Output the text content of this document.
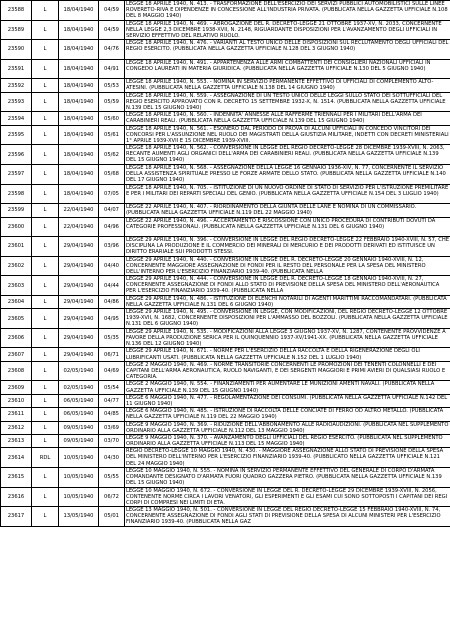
23588	L	18/04/1940	04/59	LEGGE 18 APRILE 1940, N. 413. - TRASFORMAZIONE DELL'ESERCIZIO DEI SERVIZI PUBBLICI AUTOMOBILISTICI SULLE LINEE ROVERETO-RIVA E DIPENDENZE IN CONCESSIONE ALL'INDUSTRIA PRIVATA. (PUBBLICATA NELLA GAZZETTA UFFICIALE N.108 DEL 8 MAGGIO 1940)
23589	L	18/04/1940	04/59	LEGGE 18 APRILE 1940, N. 469. - ABROGAZIONE DEL R. DECRETO-LEGGE 21 OTTOBRE 1937-XV, N. 2033, CONCERNENTE NELLA LEGGE 2,3 DICEMBRE 1938-XVII, N. 2148, RIGUARDANTE DISPOSIZIONI PER L'AVANZAMENTO DEGLI UFFICIALI IN SERVIZIO EFFETTIVO DEL RELATIVO RUOLO.
23590	L	18/04/1940	04/76	LEGGE 18 APRILE 1940, N. 476. - VARIANTI AL TESTO UNICO DELLE DISPOSIZIONI SUL RECLUTAMENTO DEGLI UFFICIALI DEL REGIO ESERCITO. (PUBBLICATA NELLA GAZZETTA UFFICIALE N.128 DEL 3 GIUGNO 1940)
23591	L	18/04/1940	04/91	LEGGE 18 APRILE 1940, N. 491. - APPARTENENZA ALLE ARMI COMBATTENTI DEI CONSIGLIERI NAZIONALI UFFICIALI IN CONGEDO LAUREATI IN MATERIA GIURIDICA. (PUBBLICATA NELLA GAZZETTA UFFICIALE N.130 DEL 5 GIUGNO 1940)
23592	L	18/04/1940	05/53	LEGGE 18 APRILE 1940, N. 553. - NOMINA IN SERVIZIO PERMANENTE EFFETTIVO DI UFFICIALI DI COMPLEMENTO ALTO-ATESINI. (PUBBLICATA NELLA GAZZETTA UFFICIALE N.138 DEL 14 GIUGNO 1940)
23593	L	18/04/1940	05/59	LEGGE 18 APRILE 1940, N. 559. - ASSEGNAZIONE DI UN TESTO UNICO DELLE LEGGI SULLO STATO DEI SOTTUFFICIALI DEL REGIO ESERCITO APPROVATO CON R. DECRETO 15 SETTEMBRE 1932-X, N. 1514. (PUBBLICATA NELLA GAZZETTA UFFICIALE N.139 DEL 15 GIUGNO 1940)
23594	L	18/04/1940	05/60	LEGGE 18 APRILE 1940, N. 560. - INDENNITA' ANNESSE ALLE RAFFERME TRIENNALI PER I MILITARI DELL'ARMA DEI CARABINIERI REALI. (PUBBLICATA NELLA GAZZETTA UFFICIALE N.139 DEL 15 GIUGNO 1940)
23595	L	18/04/1940	05/61	LEGGE 18 APRILE 1940, N. 561. - ESONERO DAL PERIODO DI PROVA DI ALCUNI UFFICIALI IN CONCEDO VINCITORI DEI CONCORSI PER L'ASSUNZIONE NEL RUOLO DEI MAGISTRATI DELLA GIUSTIZIA MILITARE, INDETTI CON DECRETI MINISTERIALI 1° APRILE 1939-XVII E 15 DICEMBRE 1939-XVIII.
23596	L	18/04/1940	05/62	LEGGE 18 APRILE 1940, N. 562. - CONVERSIONE IN LEGGE DEL REGIO DECRETO-LEGGE 28 DICEMBRE 1939-XVIII, N. 2063, RECANTE AUMENTI AGLI ORGANICI DELL'ARMA DEI CARABINIERI REALI. (PUBBLICATA NELLA GAZZETTA UFFICIALE N.139 DEL 15 GIUGNO 1940)
23597	L	18/04/1940	05/68	LEGGE 18 APRILE 1940, N. 568. - ASSEGNAZIONE DELLA LEGGE 16 GENNAIO 1936-XIV, N. 77, CONCERNENTE IL SERVIZIO DELLA ASSISTENZA SPIRITUALE PRESSO LE FORZE ARMATE DELLO STATO. (PUBBLICATA NELLA GAZZETTA UFFICIALE N.140 DEL 17 GIUGNO 1940)
23598	L	18/04/1940	07/05	LEGGE 18 APRILE 1940, N. 705. - ISTITUZIONE DI UN NUOVO ORDINE DI STATO DI SERVIZIO PER L'ISTRUZIONE PREMILITARE E PER I MILITARI DEI REPARTI SPECIALI DEL GENIO. (PUBBLICATA NELLA GAZZETTA UFFICIALE N.154 DEL 3 LUGLIO 1940)
23599	L	22/04/1940	04/07	LEGGE 22 APRILE 1940, N. 407. - RIORDINAMENTO DELLA GIUNTA DELLE LANE E NOMINA DI UN COMMISSARIO. (PUBBLICATA NELLA GAZZETTA UFFICIALE N.119 DEL 22 MAGGIO 1940)
23600	L	22/04/1940	04/96	LEGGE 22 APRILE 1940, N. 496. - ACCERTAMENTO E RISCOSSIONE CON UNICO PROCEDURA DI CONTRIBUTI DOVUTI DA CATEGORIE PROFESSIONALI. (PUBBLICATA NELLA GAZZETTA UFFICIALE N.131 DEL 6 GIUGNO 1940)
23601	L	29/04/1940	03/96	LEGGE 29 APRILE 1940, N. 396. - CONVERSIONE IN LEGGE DEL REGIO DECRETO-LEGGE 22 FEBBRAIO 1940-XVIII, N. 57, CHE DISCIPLINA LA PRODUZIONE E IL COMMERCIO DEI MINERALI DI MERCURIO E DEI PRODOTTI DERIVATI ED ISTITUISCE UN DIRITTO ERARIALE SUI PRODOTTI STESSI.
23602	L	29/04/1940	04/40	LEGGE 29 APRILE 1940, N. 440. - CONVERSIONE IN LEGGE DEL R. DECRETO-LEGGE 20 GENNAIO 1940-XVIII, N. 12, CONCERNENTE MAGGIORE ASSEGNAZIONE DI FONDI PER IL RESTO DEL PERSONALE PER LA SPESA DEL MINISTERO DELL'INTERNO PER L'ESERCIZIO FINANZIARIO 1939-40. (PUBBLICATA NELLA
23603	L	29/04/1940	04/44	LEGGE 29 APRILE 1940, N. 444. - CONVERSIONE IN LEGGE DEL R. DECRETO-LEGGE 18 GENNAIO 1940-XVIII, N. 27, CONCERNENTE ASSEGNAZIONE DI FONDI ALLO STATO DI PREVISIONE DELLA SPESA DEL MINISTERO DELL'AERONAUTICA PER L'ESERCIZIO FINANZIARIO 1939-40. (PUBBLICATA NELLA
23604	L	29/04/1940	04/86	LEGGE 29 APRILE 1940, N. 486. - ISTITUZIONE DI ELENCHI NOTARILI DI AGENTI MARITTIMI RACCOMANDATARI. (PUBBLICATA NELLA GAZZETTA UFFICIALE N.131 DEL 6 GIUGNO 1940)
23605	L	29/04/1940	04/95	LEGGE 29 APRILE 1940, N. 495. - CONVERSIONE IN LEGGE, CON MODIFICAZIONI, DEL REGIO DECRETO-LEGGE 12 OTTOBRE 1939-XVII, N. 1682, CONCERNENTE DISPOSIZIONI PER L'AMMASSO DEL BOZZOLI. (PUBBLICATA NELLA GAZZETTA UFFICIALE N.131 DEL 6 GIUGNO 1940)
23606	L	29/04/1940	05/35	LEGGE 29 APRILE 1940, N. 535. - MODIFICAZIONI ALLA LEGGE 3 GIUGNO 1937-XV, N. 1287, CONTENENTE PROVVIDENZE A FAVORE DELLA PRODUZIONE SERICA PER IL QUINQUENNIO 1937-XV/1941-XX. (PUBBLICATA NELLA GAZZETTA UFFICIALE N.136 DEL 12 GIUGNO 1940)
23607	L	29/04/1940	06/71	LEGGE 29 APRILE 1940, N. 671. - NORME PER L'ESERCIZIO DELLA RACCOLTA E DELLA RIGENERAZIONE DEGLI OLI LUBRIFICANTI USATI. (PUBBLICATA NELLA GAZZETTA UFFICIALE N.152 DEL 1 LUGLIO 1940)
23608	L	02/05/1940	04/69	LEGGE 2 MAGGIO 1940, N. 469. - NORME TRANSITORIE CONCERNENTI LE PROMOZIONI DEI TENENTI COLONNELLI E DEI CAPITANI DELL'ARMA AERONAUTICA, RUOLO NAVIGANTI, E DEI SERGENTI MAGGIORI E PRIMI AVIERI DI QUALSIASI RUOLO E CATEGORIA.
23609	L	02/05/1940	05/54	LEGGE 2 MAGGIO 1940, N. 554. - FINANZIAMENTI PER AUMENTARE LE MUNIZIONI AMENTI NAVALI. (PUBBLICATA NELLA GAZZETTA UFFICIALE N.139 DEL 15 GIUGNO 1940)
23610	L	06/05/1940	04/77	LEGGE 6 MAGGIO 1940, N. 477. - REGOLAMENTAZIONE DEI CONSUMI. (PUBBLICATA NELLA GAZZETTA UFFICIALE N.142 DEL 11 GIUGNO 1940)
23611	L	06/05/1940	04/85	LEGGE 6 MAGGIO 1940, N. 485. - ISTRUZIONE DI RACCOLTA DELLE CONCIATE DI FERRO OD ALTRO METALLO. (PUBBLICATA NELLA GAZZETTA UFFICIALE N.119 DEL 22 MAGGIO 1940)
23612	L	09/05/1940	03/69	LEGGE 9 MAGGIO 1940, N. 369. - RIDUZIONE DELL'ABBONAMENTO ALLE RADIOAUDIZIONI. (PUBBLICATA NEL SUPPLEMENTO ORDINARIO ALLA GAZZETTA UFFICIALE N.112 DEL 13 MAGGIO 1940)
23613	L	09/05/1940	03/70	LEGGE 9 MAGGIO 1940, N. 370. - AVANZAMENTO DEGLI UFFICIALI DEL REGIO ESERCITO. (PUBBLICATA NEL SUPPLEMENTO ORDINARIO ALLA GAZZETTA UFFICIALE N.113 DEL 15 MAGGIO 1940)
23614	RDL	10/05/1940	04/30	REGIO DECRETO-LEGGE 10 MAGGIO 1940, N. 430. - MAGGIORE ASSEGNAZIONE ALLO STATO DI PREVISIONE DELLA SPESA DEL MINISTERO DELL'INTERNO PER L'ESERCIZIO FINANZIARIO 1939-40. (PUBBLICATO NELLA GAZZETTA UFFICIALE N.121 DEL 24 MAGGIO 1940)
23615	L	10/05/1940	05/55	LEGGE 10 MAGGIO 1940, N. 555. - NOMINA IN SERVIZIO PERMANENTE EFFETTIVO DEL GENERALE DI CORPO D'ARMATA COMANDANTE DESIGNATO D'ARMATA FUORI QUADRO GAZZERA PIETRO. (PUBBLICATA NELLA GAZZETTA UFFICIALE N.139 DEL 15 GIUGNO 1940)
23616	L	10/05/1940	06/72	LEGGE 10 MAGGIO 1940, N. 672. - CONVERSIONE IN LEGGE DEL R. DECRETO-LEGGE 29 DICEMBRE 1939-XVIII, N. 2056, CONTENENTE NORME CIRCA I LAVORI VENATORI, GLI ESPERIMENTI E GLI ESAMI CUI SONO SOTTOPOSTI I CAPITANI DEI REGI CORPI DI COMPRESI NEI LIMITI DI ETA.
23617	L	13/05/1940	05/01	LEGGE 13 MAGGIO 1940, N. 501. - CONVERSIONE IN LEGGE DEL REGIO DECRETO-LEGGE 15 FEBBRAIO 1940-XVIII, N. 74, CONCERNENTE ASSEGNAZIONE DI FONDI AGLI STATI DI PREVISIONE DELLA SPESA DI ALCUNI MINISTERI PER L'ESERCIZIO FINANZIARIO 1939-40. (PUBBLICATA NELLA GAZ
